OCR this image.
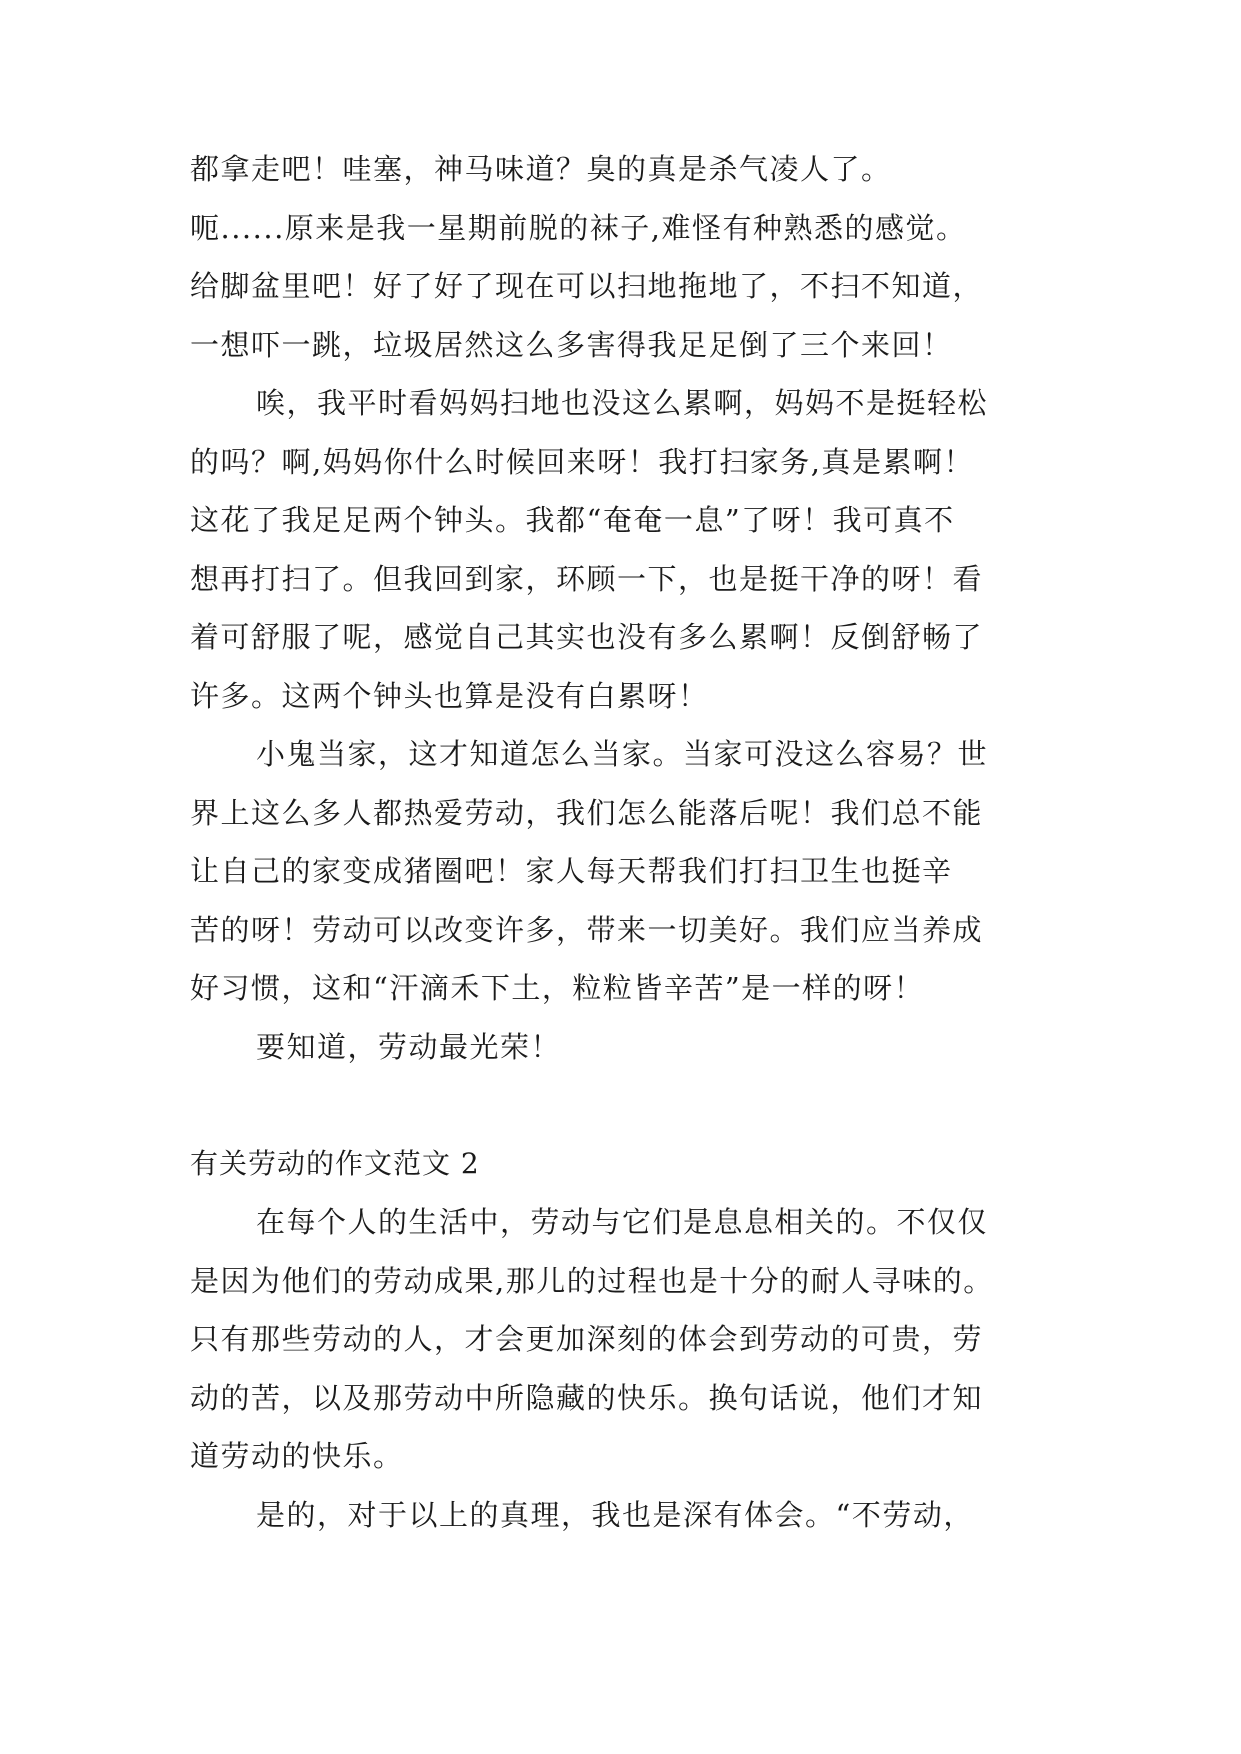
都拿走吧！哇塞，神马味道？臭的真是杀气凌人了。
呃......原来是我一星期前脱的袜子,难怪有种熟悉的感觉。
给脚盆里吧！好了好了现在可以扫地拖地了，不扫不知道，
一想吓一跳，垃圾居然这么多害得我足足倒了三个来回！
唉，我平时看妈妈扫地也没这么累啊，妈妈不是挺轻松
的吗？啊,妈妈你什么时候回来呀！我打扫家务,真是累啊！
这花了我足足两个钟头。我都“奄奄一息”了呀！我可真不
想再打扫了。但我回到家，环顾一下，也是挺干净的呀！看
着可舒服了呢，感觉自己其实也没有多么累啊！反倒舒畅了
许多。这两个钟头也算是没有白累呀！
小鬼当家，这才知道怎么当家。当家可没这么容易？世
界上这么多人都热爱劳动，我们怎么能落后呢！我们总不能
让自己的家变成猪圈吧！家人每天帮我们打扫卫生也挺辛
苦的呀！劳动可以改变许多，带来一切美好。我们应当养成
好习惯，这和“汗滴禾下土，粒粒皆辛苦”是一样的呀！
要知道，劳动最光荣！
有关劳动的作文范文 2
在每个人的生活中，劳动与它们是息息相关的。不仅仅
是因为他们的劳动成果,那儿的过程也是十分的耐人寻味的。
只有那些劳动的人，才会更加深刻的体会到劳动的可贵，劳
动的苦，以及那劳动中所隐藏的快乐。换句话说，他们才知
道劳动的快乐。
是的，对于以上的真理，我也是深有体会。“不劳动，
